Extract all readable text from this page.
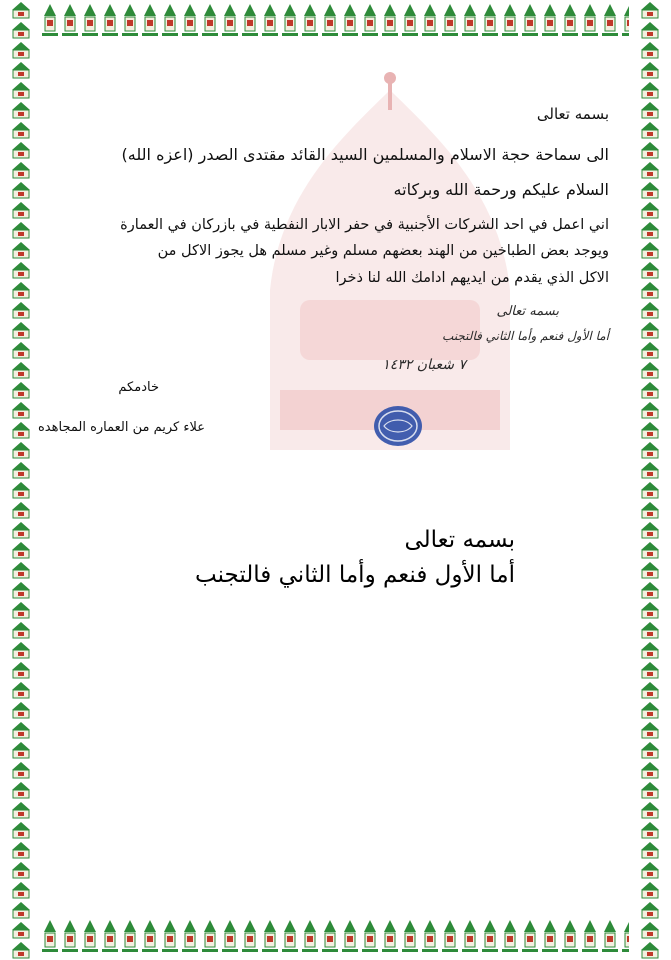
بسمه تعالى
الى سماحة حجة الاسلام والمسلمين السيد القائد مقتدى الصدر (اعزه الله)
السلام عليكم ورحمة الله وبركاته
اني اعمل في احد الشركات الأجنبية في حفر الابار النفطية في بازركان في العمارة
ويوجد بعض الطباخين من الهند بعضهم مسلم وغير مسلم هل يجوز الاكل من
الاكل الذي يقدم من ايديهم ادامك الله لنا ذخرا
بسمه تعالى
أما الأول فنعم وأما الثاني فالتجنب
٧ شعبان ١٤٣٢
خادمكم
علاء كريم من العماره المجاهده
بسمه تعالى
أما الأول فنعم وأما الثاني فالتجنب
